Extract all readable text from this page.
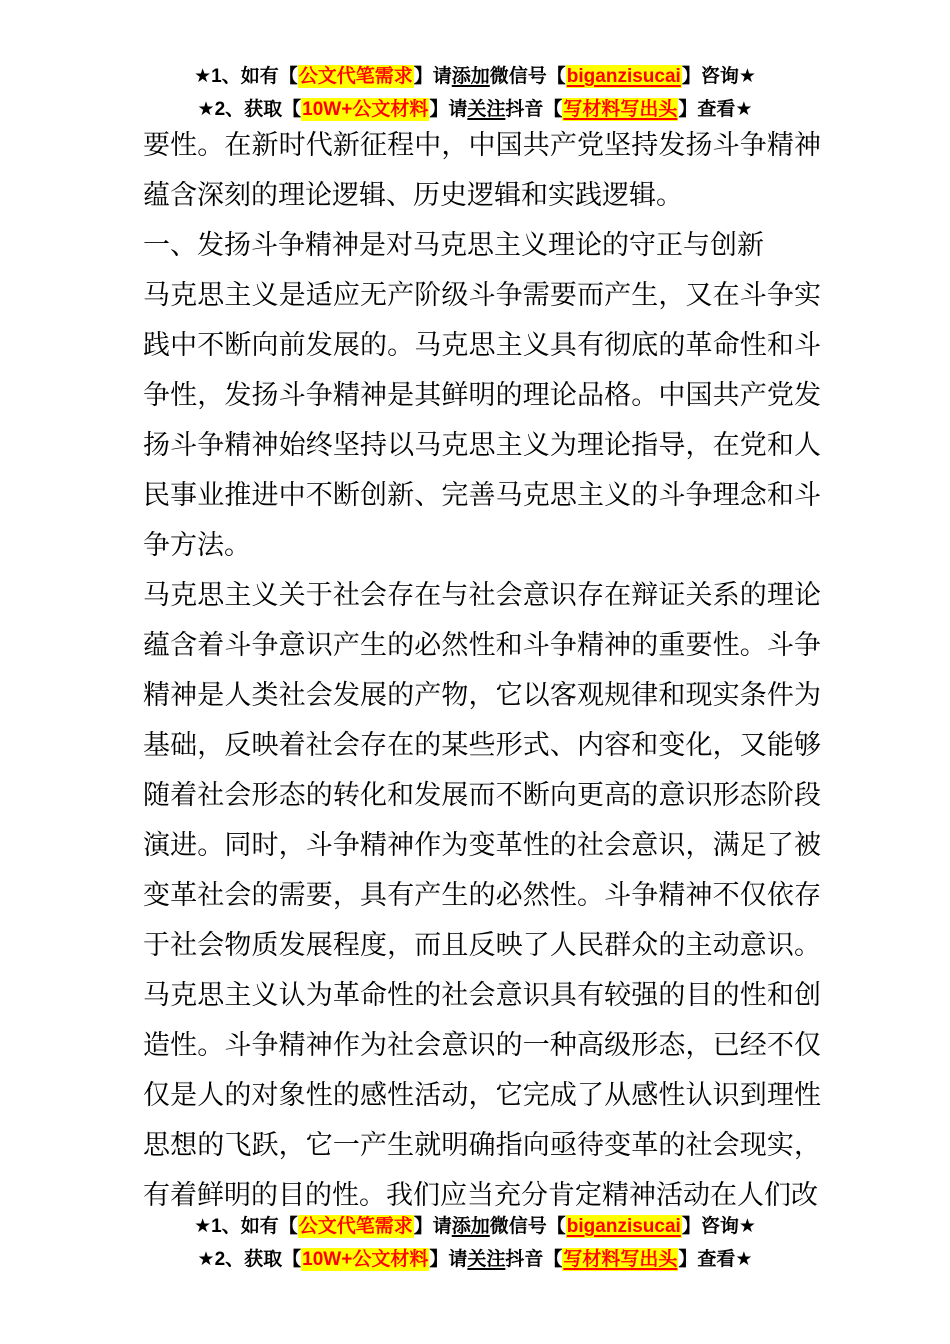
★1、如有【公文代笔需求】请添加微信号【biganzisucai】咨询★
★2、获取【10W+公文材料】请关注抖音【写材料写出头】查看★

要性。在新时代新征程中，中国共产党坚持发扬斗争精神蕴含深刻的理论逻辑、历史逻辑和实践逻辑。

一、发扬斗争精神是对马克思主义理论的守正与创新

马克思主义是适应无产阶级斗争需要而产生，又在斗争实践中不断向前发展的。马克思主义具有彻底的革命性和斗争性，发扬斗争精神是其鲜明的理论品格。中国共产党发扬斗争精神始终坚持以马克思主义为理论指导，在党和人民事业推进中不断创新、完善马克思主义的斗争理念和斗争方法。

马克思主义关于社会存在与社会意识存在辩证关系的理论蕴含着斗争意识产生的必然性和斗争精神的重要性。斗争精神是人类社会发展的产物，它以客观规律和现实条件为基础，反映着社会存在的某些形式、内容和变化，又能够随着社会形态的转化和发展而不断向更高的意识形态阶段演进。同时，斗争精神作为变革性的社会意识，满足了被变革社会的需要，具有产生的必然性。斗争精神不仅依存于社会物质发展程度，而且反映了人民群众的主动意识。马克思主义认为革命性的社会意识具有较强的目的性和创造性。斗争精神作为社会意识的一种高级形态，已经不仅仅是人的对象性的感性活动，它完成了从感性认识到理性思想的飞跃，它一产生就明确指向亟待变革的社会现实，有着鲜明的目的性。我们应当充分肯定精神活动在人们改

★1、如有【公文代笔需求】请添加微信号【biganzisucai】咨询★
★2、获取【10W+公文材料】请关注抖音【写材料写出头】查看★
